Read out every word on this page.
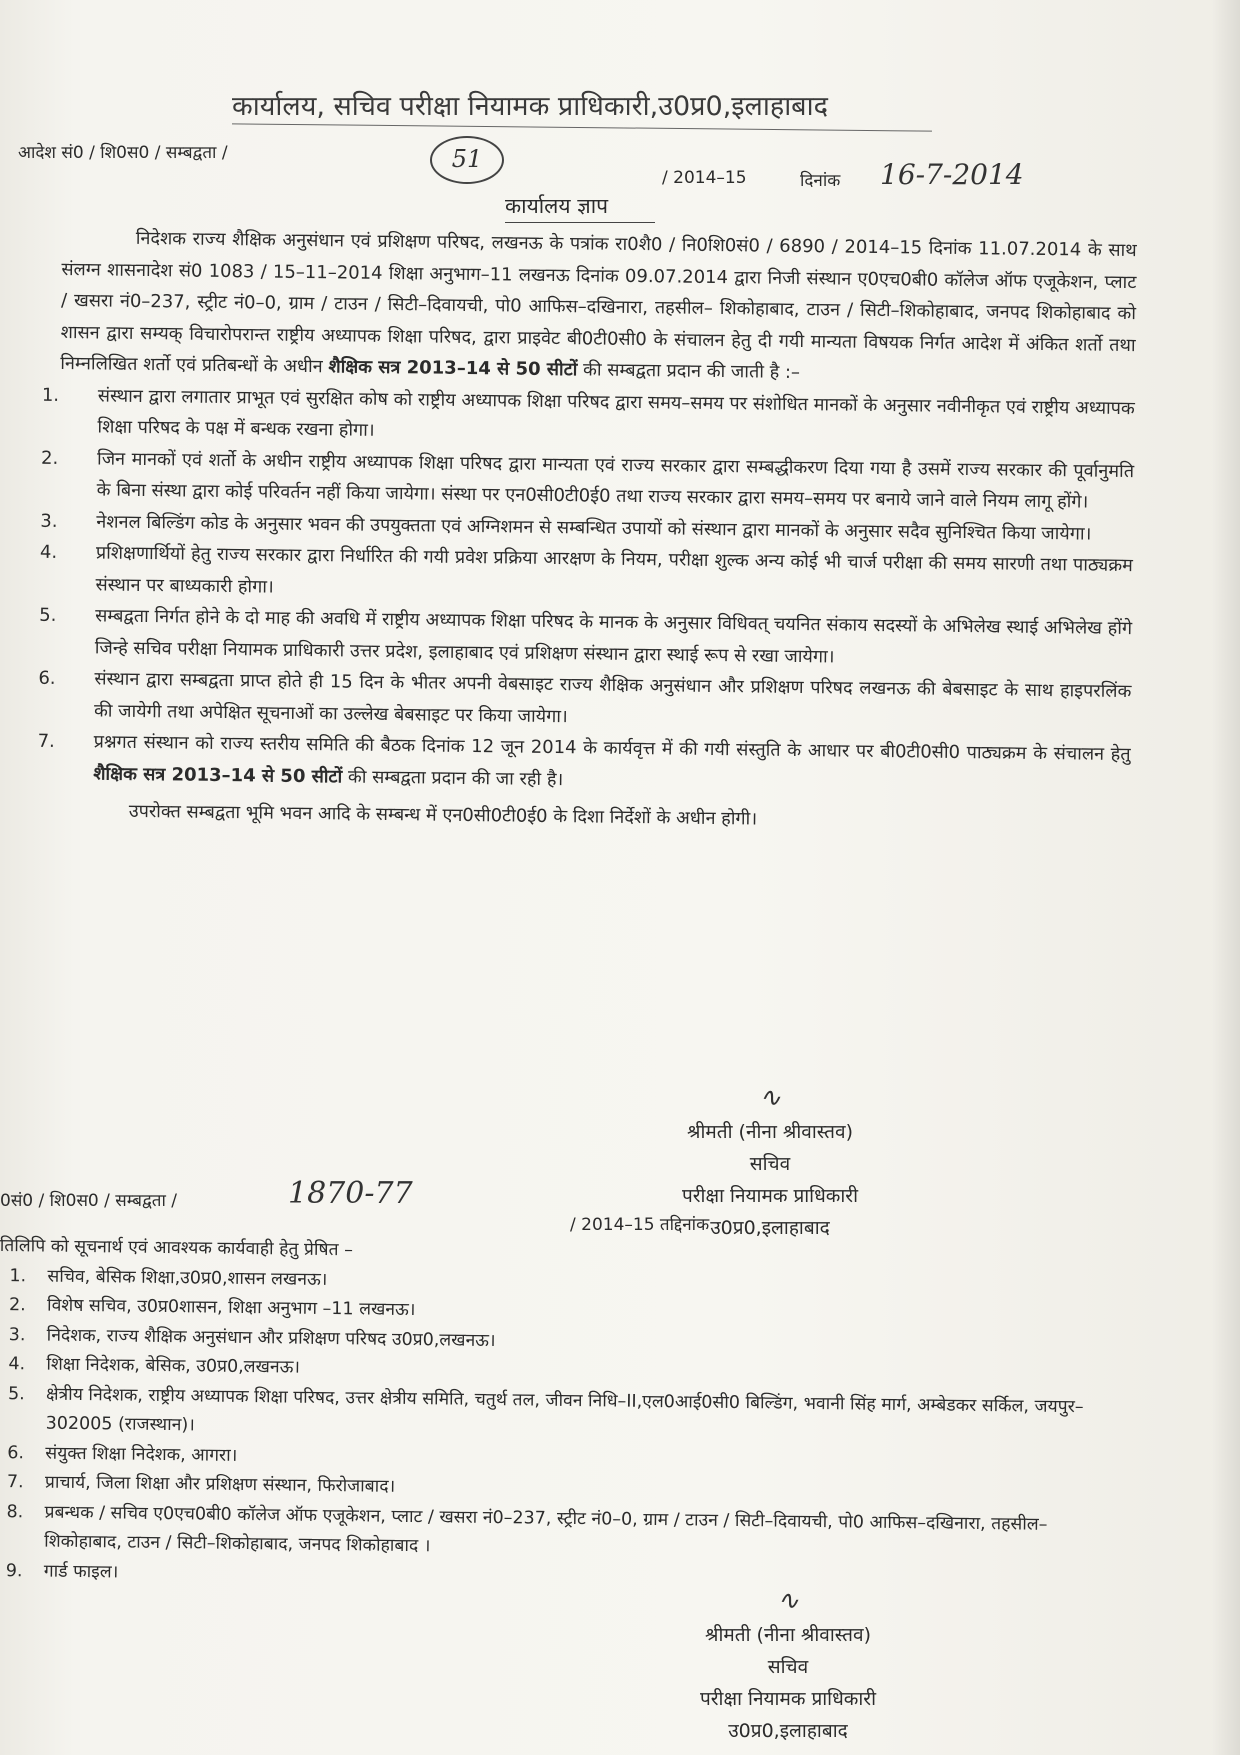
कार्यालय, सचिव परीक्षा नियामक प्राधिकारी,उ0प्र0,इलाहाबाद
आदेश सं0 / शि0स0 / सम्बद्वता /	51
/ 2014–15	दिनांक 16-7-2014
कार्यालय ज्ञाप

निदेशक राज्य शैक्षिक अनुसंधान एवं प्रशिक्षण परिषद, लखनऊ के पत्रांक रा0शै0 / नि0शि0सं0 / 6890 / 2014–15 दिनांक 11.07.2014 के साथ संलग्न शासनादेश सं0 1083 / 15–11–2014 शिक्षा अनुभाग–11 लखनऊ दिनांक 09.07.2014 द्वारा निजी संस्थान ए0एच0बी0 कॉलेज ऑफ एजूकेशन, प्लाट / खसरा नं0–237, स्ट्रीट नं0–0, ग्राम / टाउन / सिटी–दिवायची, पो0 आफिस–दखिनारा, तहसील– शिकोहाबाद, टाउन / सिटी–शिकोहाबाद, जनपद शिकोहाबाद को शासन द्वारा सम्यक् विचारोपरान्त राष्ट्रीय अध्यापक शिक्षा परिषद, द्वारा प्राइवेट बी0टी0सी0 के संचालन हेतु दी गयी मान्यता विषयक निर्गत आदेश में अंकित शर्तो तथा निम्नलिखित शर्तो एवं प्रतिबन्धों के अधीन शैक्षिक सत्र 2013–14 से 50 सीटों की सम्बद्वता प्रदान की जाती है :–

1. संस्थान द्वारा लगातार प्राभूत एवं सुरक्षित कोष को राष्ट्रीय अध्यापक शिक्षा परिषद द्वारा समय–समय पर संशोधित मानकों के अनुसार नवीनीकृत एवं राष्ट्रीय अध्यापक शिक्षा परिषद के पक्ष में बन्धक रखना होगा।
2. जिन मानकों एवं शर्तो के अधीन राष्ट्रीय अध्यापक शिक्षा परिषद द्वारा मान्यता एवं राज्य सरकार द्वारा सम्बद्धीकरण दिया गया है उसमें राज्य सरकार की पूर्वानुमति के बिना संस्था द्वारा कोई परिवर्तन नहीं किया जायेगा। संस्था पर एन0सी0टी0ई0 तथा राज्य सरकार द्वारा समय–समय पर बनाये जाने वाले नियम लागू होंगे।
3. नेशनल बिल्डिंग कोड के अनुसार भवन की उपयुक्तता एवं अग्निशमन से सम्बन्धित उपायों को संस्थान द्वारा मानकों के अनुसार सदैव सुनिश्चित किया जायेगा।
4. प्रशिक्षणार्थियों हेतु राज्य सरकार द्वारा निर्धारित की गयी प्रवेश प्रक्रिया आरक्षण के नियम, परीक्षा शुल्क अन्य कोई भी चार्ज परीक्षा की समय सारणी तथा पाठ्यक्रम संस्थान पर बाध्यकारी होगा।
5. सम्बद्वता निर्गत होने के दो माह की अवधि में राष्ट्रीय अध्यापक शिक्षा परिषद के मानक के अनुसार विधिवत् चयनित संकाय सदस्यों के अभिलेख स्थाई अभिलेख होंगे जिन्हे सचिव परीक्षा नियामक प्राधिकारी उत्तर प्रदेश, इलाहाबाद एवं प्रशिक्षण संस्थान द्वारा स्थाई रूप से रखा जायेगा।
6. संस्थान द्वारा सम्बद्वता प्राप्त होते ही 15 दिन के भीतर अपनी वेबसाइट राज्य शैक्षिक अनुसंधान और प्रशिक्षण परिषद लखनऊ की बेबसाइट के साथ हाइपरलिंक की जायेगी तथा अपेक्षित सूचनाओं का उल्लेख बेबसाइट पर किया जायेगा।
7. प्रश्नगत संस्थान को राज्य स्तरीय समिति की बैठक दिनांक 12 जून 2014 के कार्यवृत्त में की गयी संस्तुति के आधार पर बी0टी0सी0 पाठ्यक्रम के संचालन हेतु शैक्षिक सत्र 2013–14 से 50 सीटों की सम्बद्वता प्रदान की जा रही है।

उपरोक्त सम्बद्वता भूमि भवन आदि के सम्बन्ध में एन0सी0टी0ई0 के दिशा निर्देशों के अधीन होगी।

∿
श्रीमती (नीना श्रीवास्तव)
सचिव
परीक्षा नियामक प्राधिकारी
उ0प्र0,इलाहाबाद
0सं0 / शि0स0 / सम्बद्वता /	1870-77
/ 2014–15 तद्दिनांक

तिलिपि को सूचनार्थ एवं आवश्यक कार्यवाही हेतु प्रेषित –

1. सचिव, बेसिक शिक्षा,उ0प्र0,शासन लखनऊ।
2. विशेष सचिव, उ0प्र0शासन, शिक्षा अनुभाग –11 लखनऊ।
3. निदेशक, राज्य शैक्षिक अनुसंधान और प्रशिक्षण परिषद उ0प्र0,लखनऊ।
4. शिक्षा निदेशक, बेसिक, उ0प्र0,लखनऊ।
5. क्षेत्रीय निदेशक, राष्ट्रीय अध्यापक शिक्षा परिषद, उत्तर क्षेत्रीय समिति, चतुर्थ तल, जीवन निधि–II,एल0आई0सी0 बिल्डिंग, भवानी सिंह मार्ग, अम्बेडकर सर्किल, जयपुर–302005 (राजस्थान)।
6. संयुक्त शिक्षा निदेशक, आगरा।
7. प्राचार्य, जिला शिक्षा और प्रशिक्षण संस्थान, फिरोजाबाद।
8. प्रबन्धक / सचिव ए0एच0बी0 कॉलेज ऑफ एजूकेशन, प्लाट / खसरा नं0–237, स्ट्रीट नं0–0, ग्राम / टाउन / सिटी–दिवायची, पो0 आफिस–दखिनारा, तहसील– शिकोहाबाद, टाउन / सिटी–शिकोहाबाद, जनपद शिकोहाबाद ।
9. गार्ड फाइल।
∿
श्रीमती (नीना श्रीवास्तव)
सचिव
परीक्षा नियामक प्राधिकारी
उ0प्र0,इलाहाबाद
